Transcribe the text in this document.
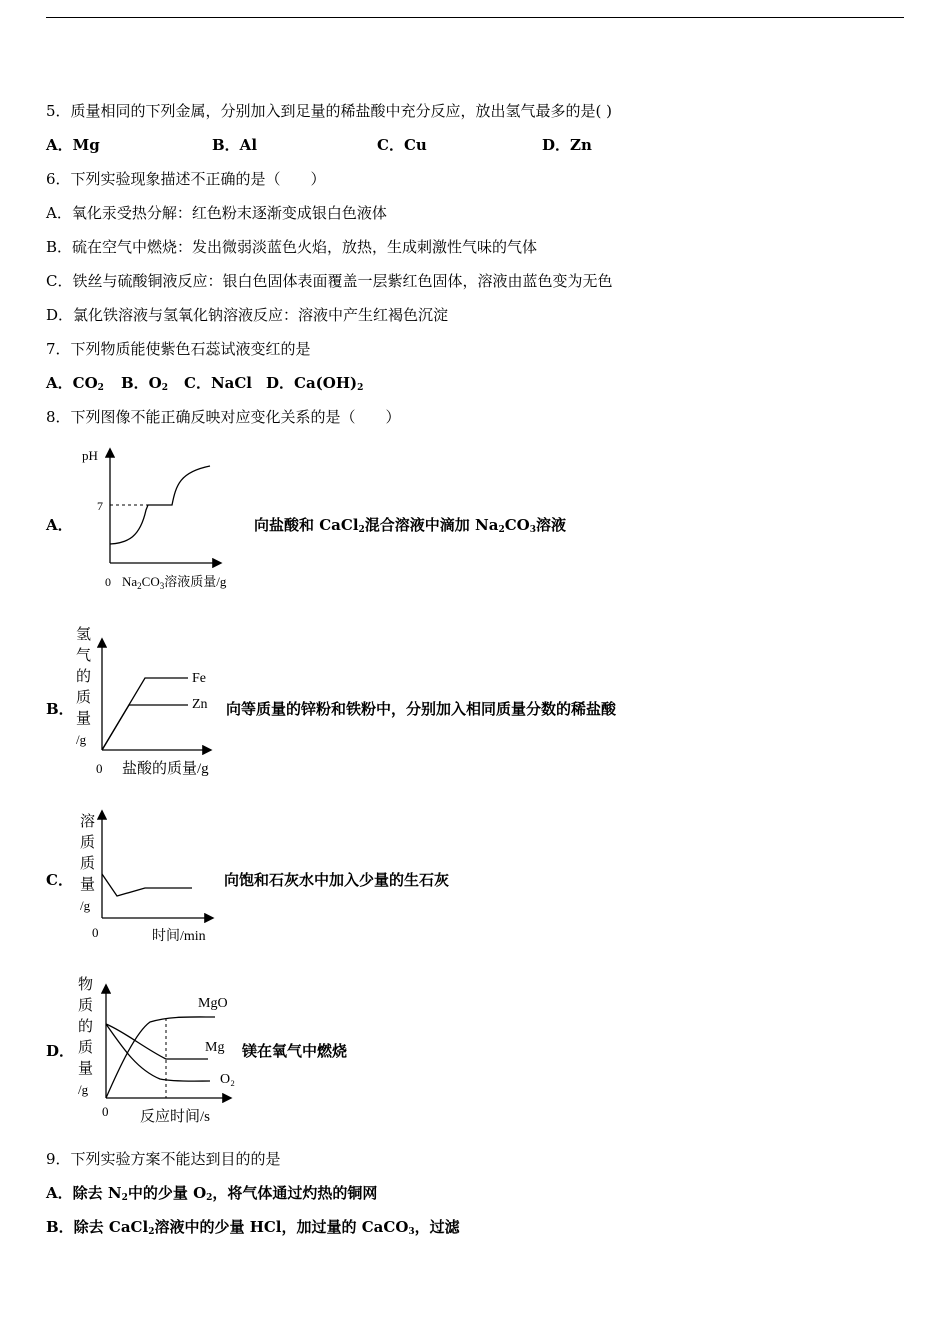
5．质量相同的下列金属，分别加入到足量的稀盐酸中充分反应，放出氢气最多的是( )
A．Mg	B．Al	C．Cu	D．Zn
6．下列实验现象描述不正确的是（　　）
A．氧化汞受热分解：红色粉末逐渐变成银白色液体
B．硫在空气中燃烧：发出微弱淡蓝色火焰，放热，生成刺激性气味的气体
C．铁丝与硫酸铜液反应：银白色固体表面覆盖一层紫红色固体，溶液由蓝色变为无色
D．氯化铁溶液与氢氧化钠溶液反应：溶液中产生红褐色沉淀
7．下列物质能使紫色石蕊试液变红的是
A．$CO_2$ B．$O_2$ C．NaCl D．$Ca(OH)_2$
8．下列图像不能正确反映对应变化关系的是（　　）
A．
pH
7
0 $Na_2CO_3$溶液质量/g
向盐酸和 CaCl$_2$混合溶液中滴加 $Na_2CO_3$溶液
B．
氢
气
的
质
量
/g
Fe
Zn
0 盐酸的质量/g
向等质量的锌粉和铁粉中，分别加入相同质量分数的稀盐酸
C．
溶
质
质
量
/g
0	时间/min
向饱和石灰水中加入少量的生石灰
D．
物
质
的
质
量
/g
MgO
Mg
O₂
0 反应时间/s
镁在氧气中燃烧
9．下列实验方案不能达到目的的是
A．除去 $N_2$中的少量 $O_2$，将气体通过灼热的铜网
B．除去 CaCl$_2$溶液中的少量 HCl，加过量的 CaCO$_3$，过滤
